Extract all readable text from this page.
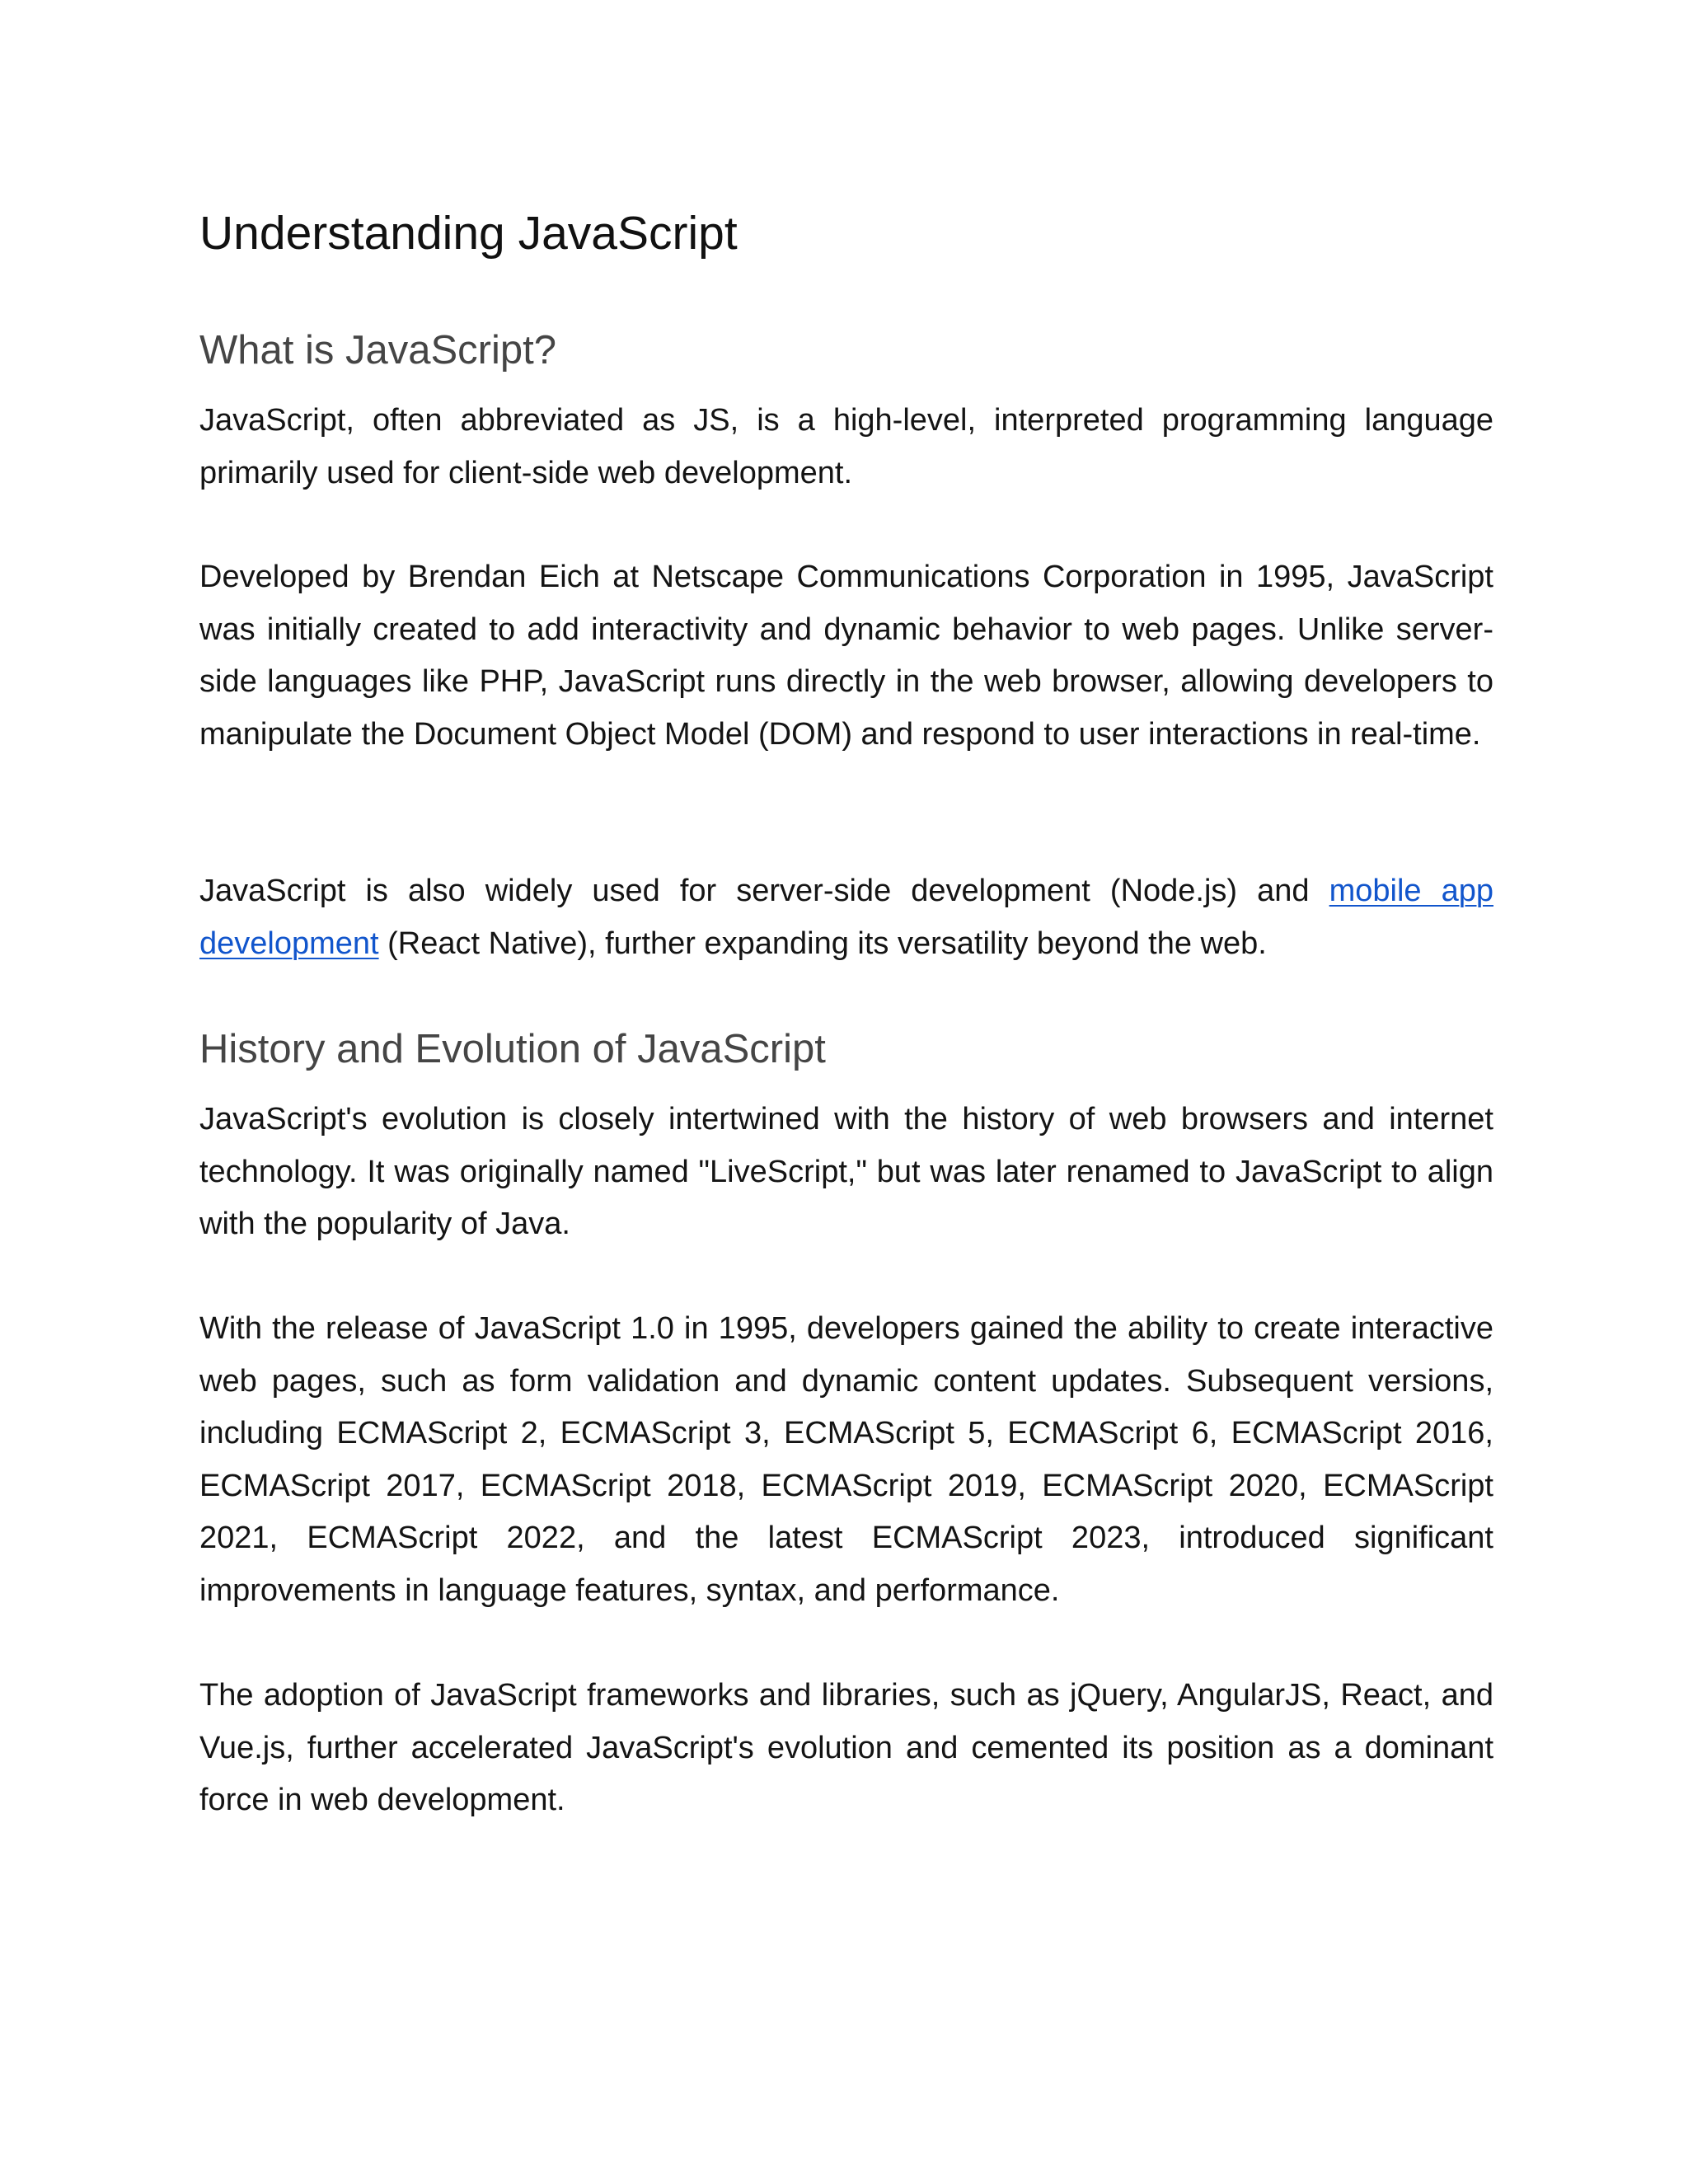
Understanding JavaScript
What is JavaScript?

JavaScript, often abbreviated as JS, is a high-level, interpreted programming language primarily used for client-side web development.

Developed by Brendan Eich at Netscape Communications Corporation in 1995, JavaScript was initially created to add interactivity and dynamic behavior to web pages. Unlike server-side languages like PHP, JavaScript runs directly in the web browser, allowing developers to manipulate the Document Object Model (DOM) and respond to user interactions in real-time.

JavaScript is also widely used for server-side development (Node.js) and mobile app development (React Native), further expanding its versatility beyond the web.

History and Evolution of JavaScript

JavaScript's evolution is closely intertwined with the history of web browsers and internet technology. It was originally named "LiveScript," but was later renamed to JavaScript to align with the popularity of Java.

With the release of JavaScript 1.0 in 1995, developers gained the ability to create interactive web pages, such as form validation and dynamic content updates. Subsequent versions, including ECMAScript 2, ECMAScript 3, ECMAScript 5, ECMAScript 6, ECMAScript 2016, ECMAScript 2017, ECMAScript 2018, ECMAScript 2019, ECMAScript 2020, ECMAScript 2021, ECMAScript 2022, and the latest ECMAScript 2023, introduced significant improvements in language features, syntax, and performance.

The adoption of JavaScript frameworks and libraries, such as jQuery, AngularJS, React, and Vue.js, further accelerated JavaScript's evolution and cemented its position as a dominant force in web development.
